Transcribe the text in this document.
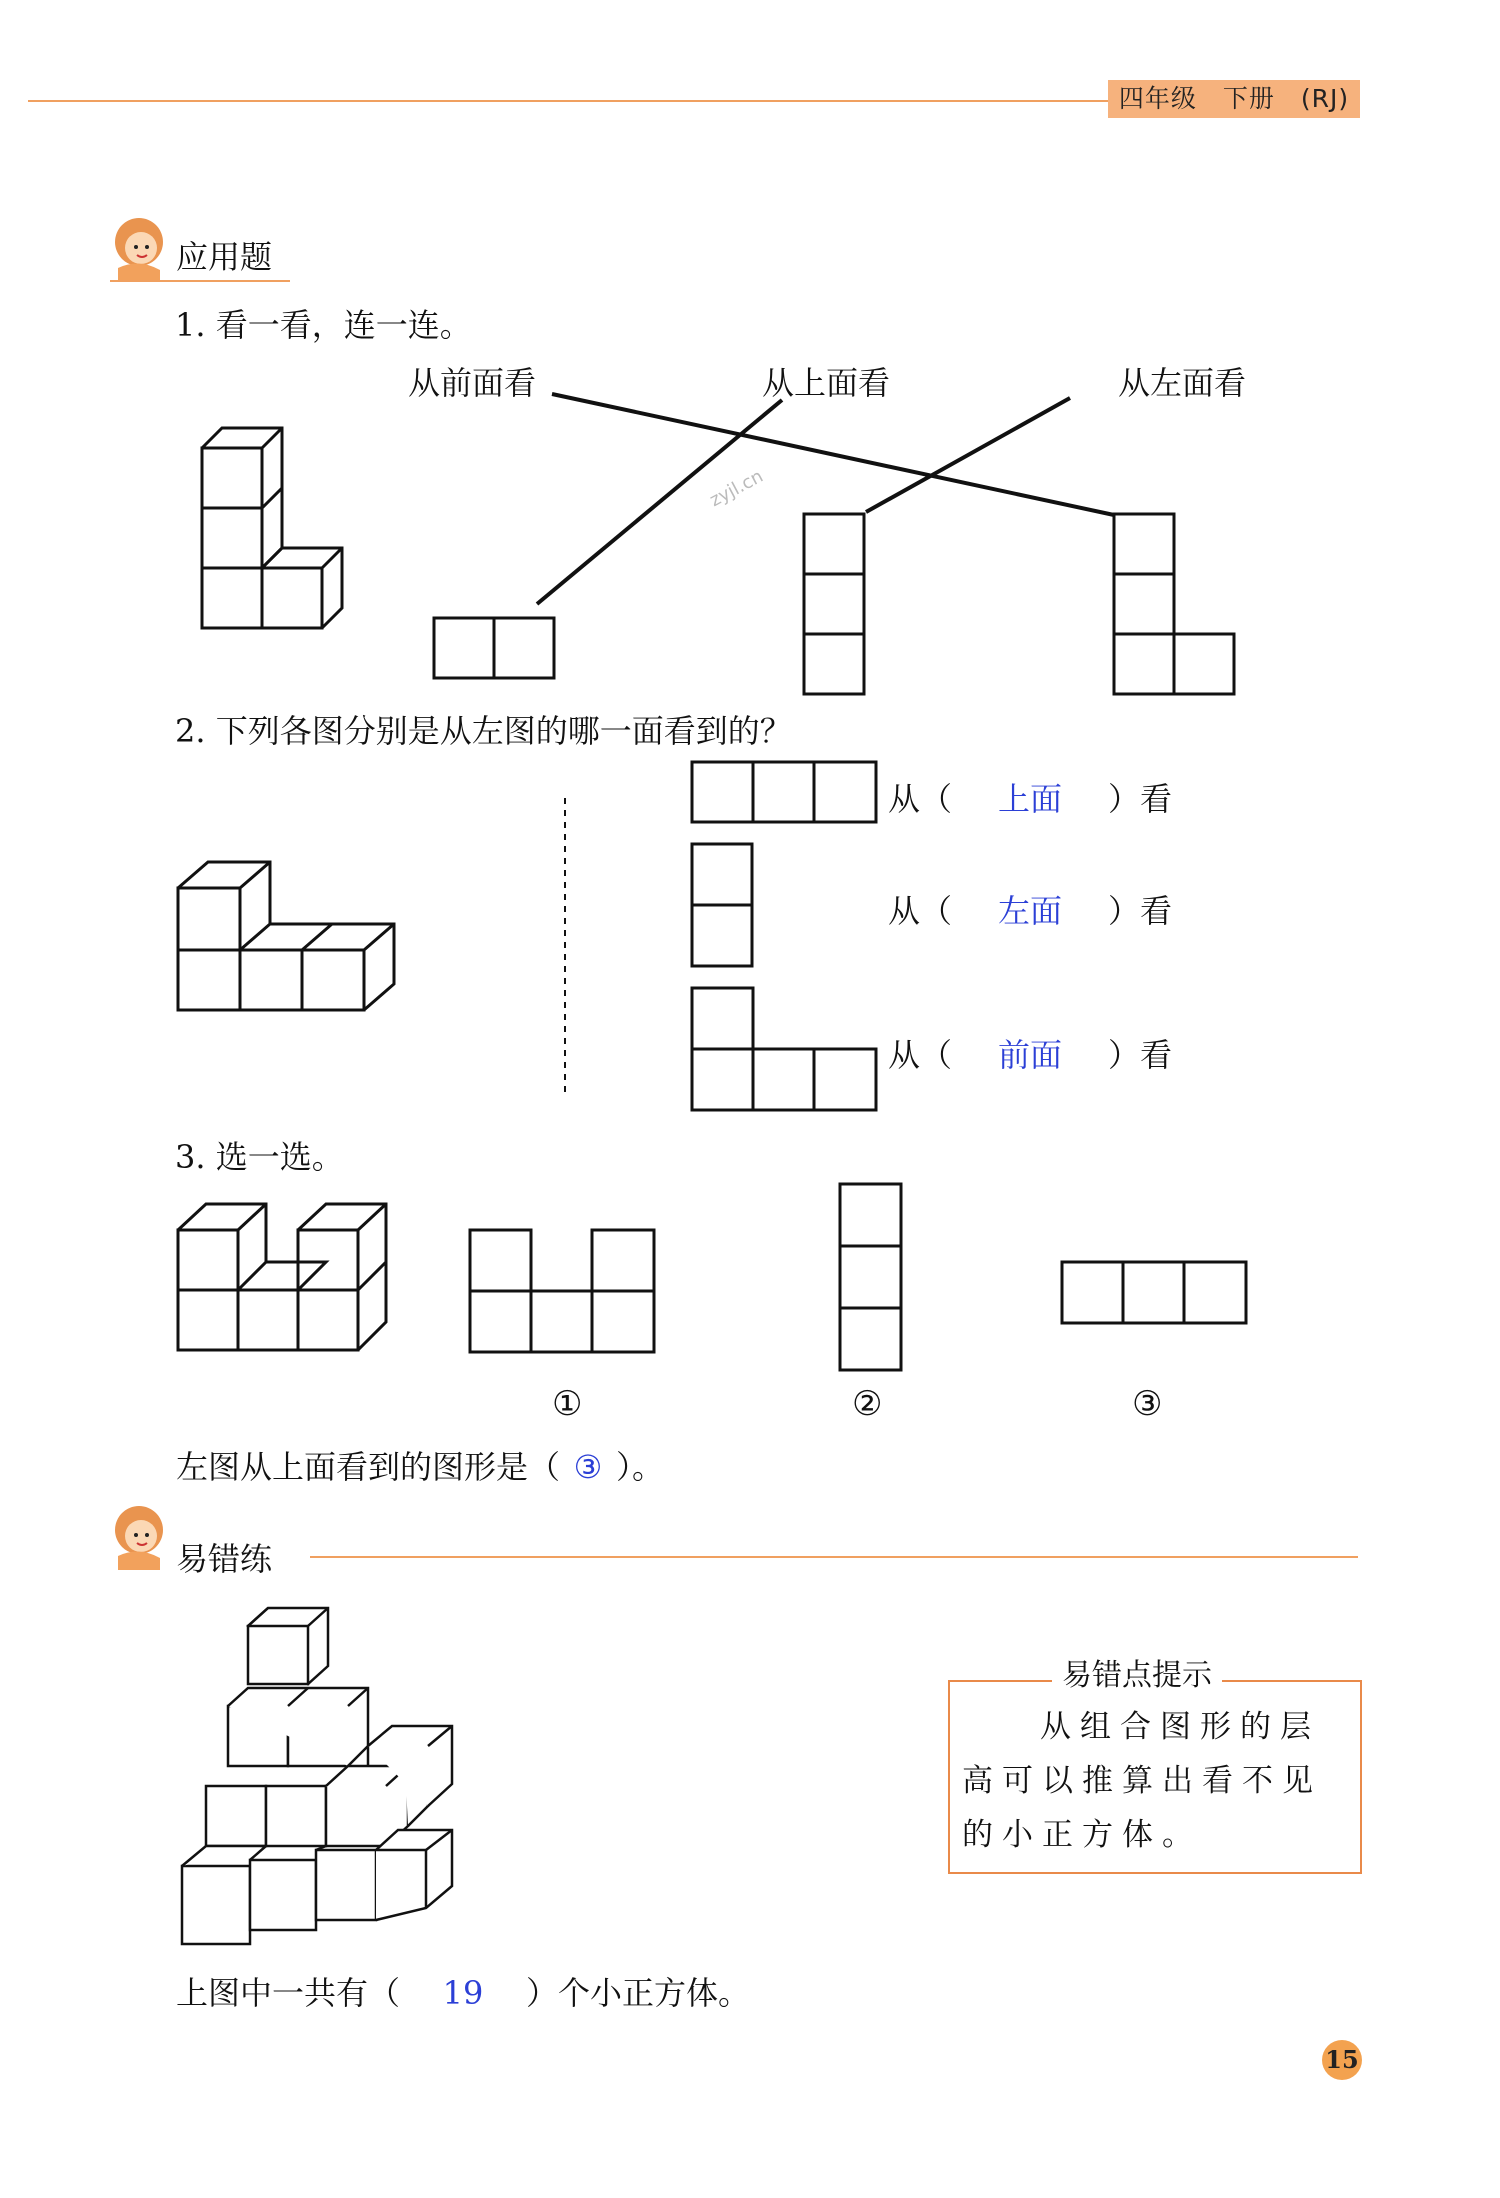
四年级　下册　(RJ)
应用题
1. 看一看，连一连。
从前面看	从上面看	从左面看
zyjl.cn
2. 下列各图分别是从左图的哪一面看到的？
从（ 上面 ）看
从（ 左面 ）看
从（ 前面 ）看
3. 选一选。
①	②	③
左图从上面看到的图形是（ ③ ）。
易错练
上图中一共有（ 19 ）个小正方体。
易错点提示
从组合图形的层高可以推算出看不见的小正方体。
15
